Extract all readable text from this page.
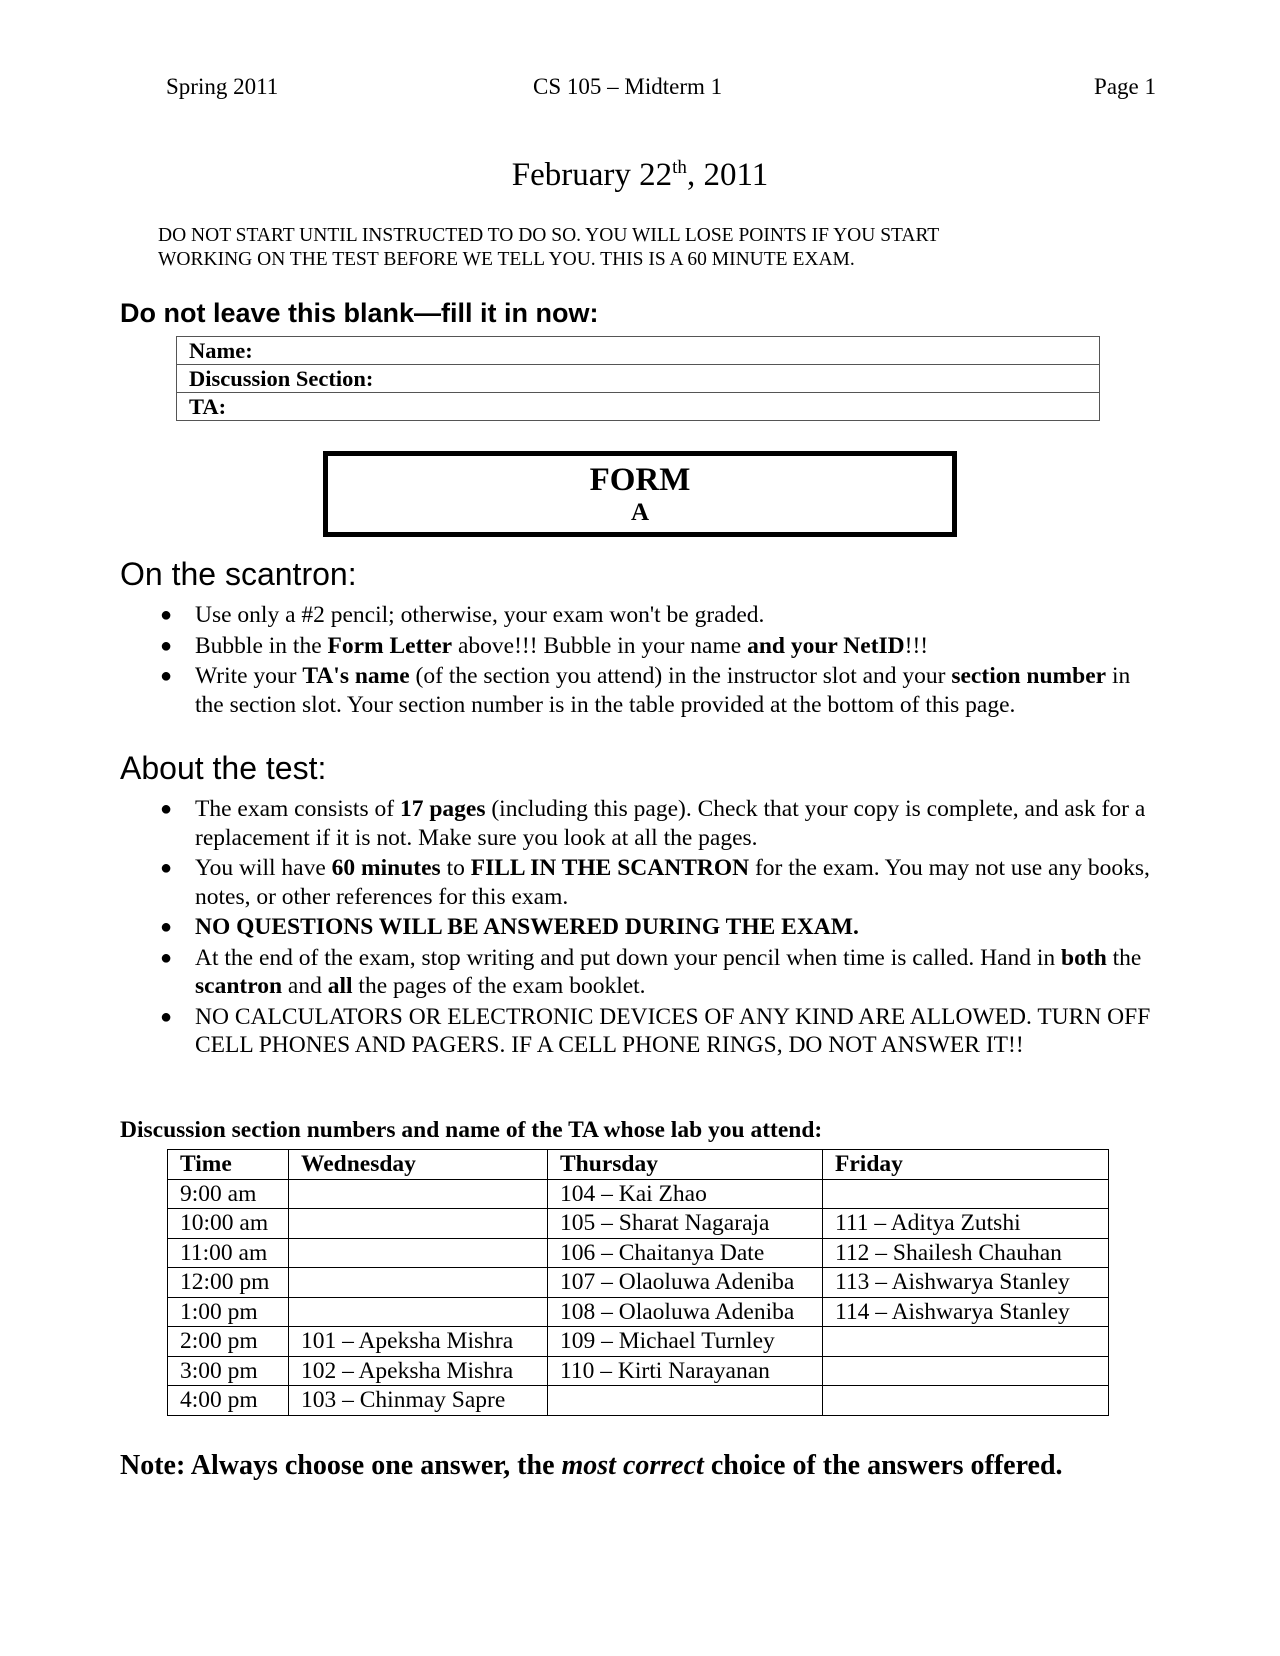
Spring 2011	CS 105 – Midterm 1	Page 1
February 22th, 2011
DO NOT START UNTIL INSTRUCTED TO DO SO. YOU WILL LOSE POINTS IF YOU START
WORKING ON THE TEST BEFORE WE TELL YOU. THIS IS A 60 MINUTE EXAM.
Do not leave this blank—fill it in now:
Name:
Discussion Section:
TA:
FORM
A
On the scantron:
● Use only a #2 pencil; otherwise, your exam won't be graded.
● Bubble in the Form Letter above!!! Bubble in your name and your NetID!!!
● Write your TA's name (of the section you attend) in the instructor slot and your section number in the section slot. Your section number is in the table provided at the bottom of this page.
About the test:
● The exam consists of 17 pages (including this page). Check that your copy is complete, and ask for a replacement if it is not. Make sure you look at all the pages.
● You will have 60 minutes to FILL IN THE SCANTRON for the exam. You may not use any books, notes, or other references for this exam.
● NO QUESTIONS WILL BE ANSWERED DURING THE EXAM.
● At the end of the exam, stop writing and put down your pencil when time is called. Hand in both the scantron and all the pages of the exam booklet.
● NO CALCULATORS OR ELECTRONIC DEVICES OF ANY KIND ARE ALLOWED. TURN OFF CELL PHONES AND PAGERS. IF A CELL PHONE RINGS, DO NOT ANSWER IT!!
Discussion section numbers and name of the TA whose lab you attend:
Time	Wednesday	Thursday	Friday
9:00 am		104 – Kai Zhao	
10:00 am		105 – Sharat Nagaraja	111 – Aditya Zutshi
11:00 am		106 – Chaitanya Date	112 – Shailesh Chauhan
12:00 pm		107 – Olaoluwa Adeniba	113 – Aishwarya Stanley
1:00 pm		108 – Olaoluwa Adeniba	114 – Aishwarya Stanley
2:00 pm	101 – Apeksha Mishra	109 – Michael Turnley	
3:00 pm	102 – Apeksha Mishra	110 – Kirti Narayanan	
4:00 pm	103 – Chinmay Sapre		
Note: Always choose one answer, the most correct choice of the answers offered.
